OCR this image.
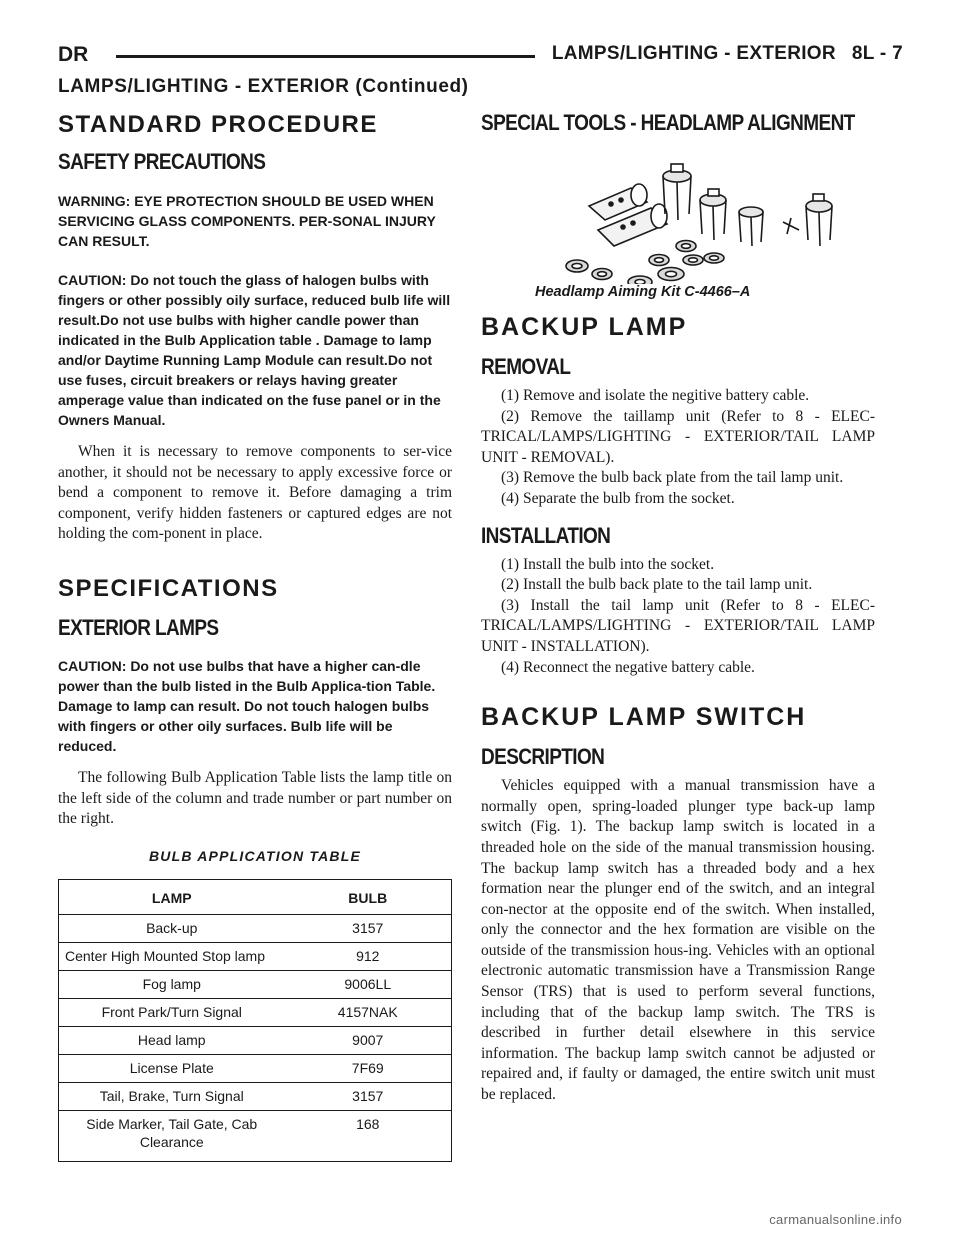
DR	LAMPS/LIGHTING - EXTERIOR 8L - 7
LAMPS/LIGHTING - EXTERIOR (Continued)
STANDARD PROCEDURE
SAFETY PRECAUTIONS

WARNING: EYE PROTECTION SHOULD BE USED WHEN SERVICING GLASS COMPONENTS. PER-SONAL INJURY CAN RESULT.

CAUTION: Do not touch the glass of halogen bulbs with fingers or other possibly oily surface, reduced bulb life will result.Do not use bulbs with higher candle power than indicated in the Bulb Application table . Damage to lamp and/or Daytime Running Lamp Module can result.Do not use fuses, circuit breakers or relays having greater amperage value than indicated on the fuse panel or in the Owners Manual.

When it is necessary to remove components to ser-vice another, it should not be necessary to apply excessive force or bend a component to remove it. Before damaging a trim component, verify hidden fasteners or captured edges are not holding the com-ponent in place.

SPECIFICATIONS
EXTERIOR LAMPS

CAUTION: Do not use bulbs that have a higher can-dle power than the bulb listed in the Bulb Applica-tion Table. Damage to lamp can result. Do not touch halogen bulbs with fingers or other oily surfaces. Bulb life will be reduced.

The following Bulb Application Table lists the lamp title on the left side of the column and trade number or part number on the right.

BULB APPLICATION TABLE
LAMP	BULB
Back-up	3157
Center High Mounted Stop lamp	912
Fog lamp	9006LL
Front Park/Turn Signal	4157NAK
Head lamp	9007
License Plate	7F69
Tail, Brake, Turn Signal	3157
Side Marker, Tail Gate, Cab Clearance	168
SPECIAL TOOLS - HEADLAMP ALIGNMENT
Headlamp Aiming Kit C-4466–A
BACKUP LAMP
REMOVAL

(1) Remove and isolate the negitive battery cable.

(2) Remove the taillamp unit (Refer to 8 - ELEC-TRICAL/LAMPS/LIGHTING - EXTERIOR/TAIL LAMP UNIT - REMOVAL).

(3) Remove the bulb back plate from the tail lamp unit.

(4) Separate the bulb from the socket.

INSTALLATION

(1) Install the bulb into the socket.

(2) Install the bulb back plate to the tail lamp unit.

(3) Install the tail lamp unit (Refer to 8 - ELEC-TRICAL/LAMPS/LIGHTING - EXTERIOR/TAIL LAMP UNIT - INSTALLATION).

(4) Reconnect the negative battery cable.

BACKUP LAMP SWITCH
DESCRIPTION

Vehicles equipped with a manual transmission have a normally open, spring-loaded plunger type back-up lamp switch (Fig. 1). The backup lamp switch is located in a threaded hole on the side of the manual transmission housing. The backup lamp switch has a threaded body and a hex formation near the plunger end of the switch, and an integral con-nector at the opposite end of the switch. When installed, only the connector and the hex formation are visible on the outside of the transmission hous-ing. Vehicles with an optional electronic automatic transmission have a Transmission Range Sensor (TRS) that is used to perform several functions, including that of the backup lamp switch. The TRS is described in further detail elsewhere in this service information. The backup lamp switch cannot be adjusted or repaired and, if faulty or damaged, the entire switch unit must be replaced.

carmanualsonline.info
